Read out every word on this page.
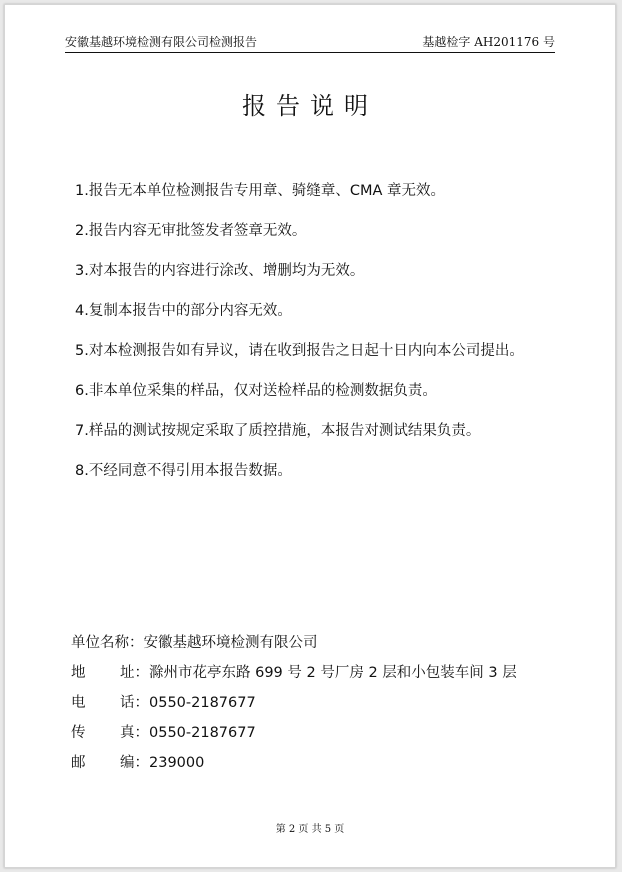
安徽基越环境检测有限公司检测报告	基越检字 AH201176 号
报告说明
1.报告无本单位检测报告专用章、骑缝章、CMA 章无效。
2.报告内容无审批签发者签章无效。
3.对本报告的内容进行涂改、增删均为无效。
4.复制本报告中的部分内容无效。
5.对本检测报告如有异议，请在收到报告之日起十日内向本公司提出。
6.非本单位采集的样品，仅对送检样品的检测数据负责。
7.样品的测试按规定采取了质控措施，本报告对测试结果负责。
8.不经同意不得引用本报告数据。
单位名称 ： 安徽基越环境检测有限公司
地 址： 滁州市花亭东路 699 号 2 号厂房 2 层和小包装车间 3 层
电 话： 0550-2187677
传 真： 0550-2187677
邮 编： 239000
第 2 页 共 5 页
